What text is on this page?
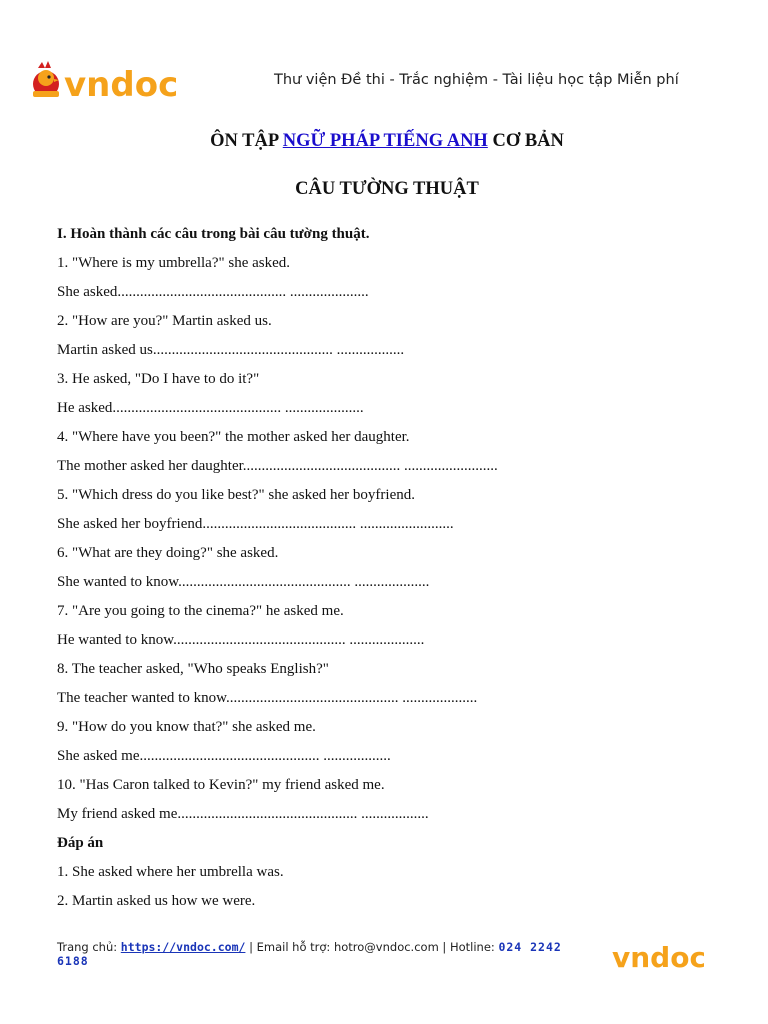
vndoc	Thư viện Đề thi - Trắc nghiệm - Tài liệu học tập Miễn phí
ÔN TẬP NGỮ PHÁP TIẾNG ANH CƠ BẢN
CÂU TƯỜNG THUẬT
I. Hoàn thành các câu trong bài câu tường thuật.
1. "Where is my umbrella?" she asked.
She asked............................................. .....................
2. "How are you?" Martin asked us.
Martin asked us................................................ ..................
3. He asked, "Do I have to do it?"
He asked............................................. .....................
4. "Where have you been?" the mother asked her daughter.
The mother asked her daughter.......................................... .........................
5. "Which dress do you like best?" she asked her boyfriend.
She asked her boyfriend......................................... .........................
6. "What are they doing?" she asked.
She wanted to know.............................................. ....................
7. "Are you going to the cinema?" he asked me.
He wanted to know.............................................. ....................
8. The teacher asked, "Who speaks English?"
The teacher wanted to know.............................................. ....................
9. "How do you know that?" she asked me.
She asked me................................................ ..................
10. "Has Caron talked to Kevin?" my friend asked me.
My friend asked me................................................ ..................
Đáp án
1. She asked where her umbrella was.
2. Martin asked us how we were.
Trang chủ: https://vndoc.com/ | Email hỗ trợ: hotro@vndoc.com | Hotline: 024 2242 6188	vndoc
